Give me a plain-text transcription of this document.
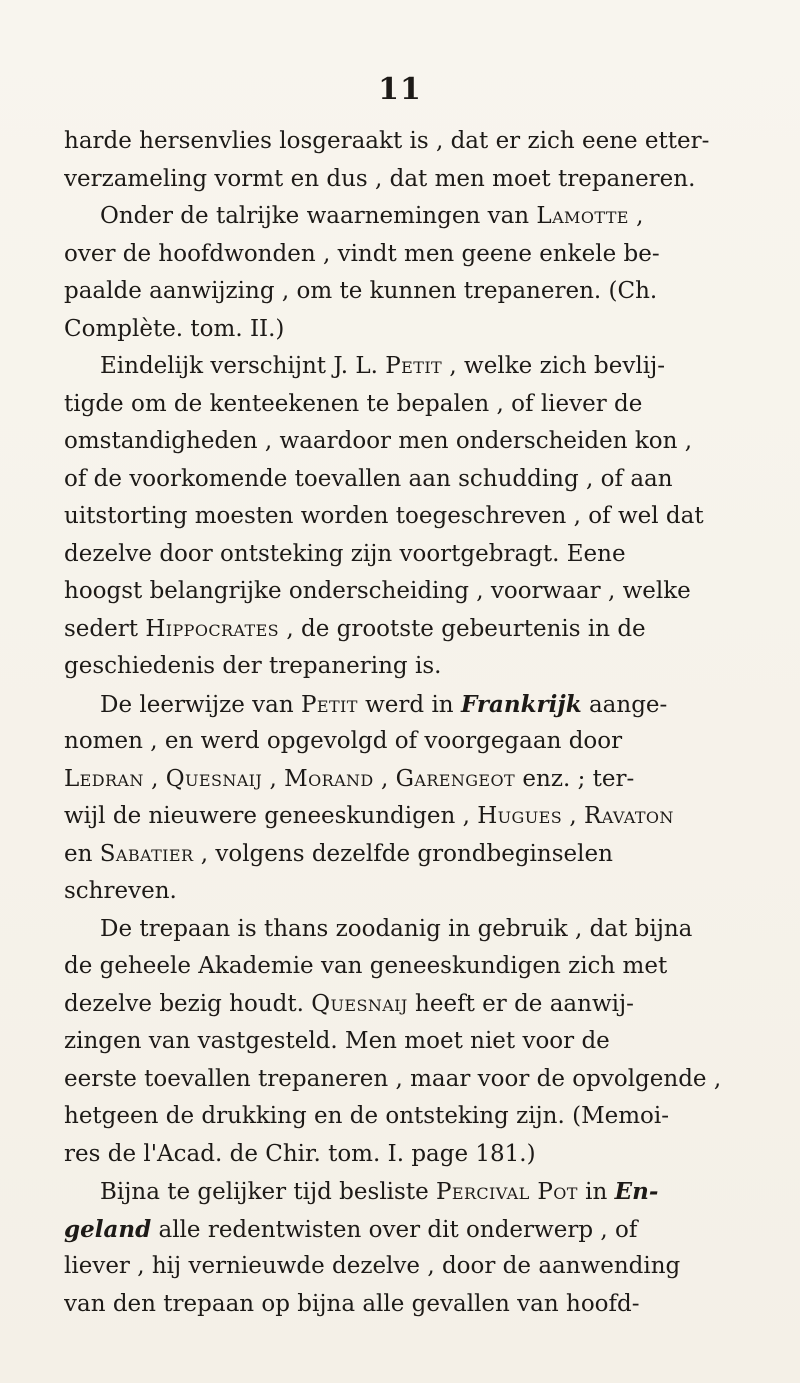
11
harde hersenvlies losgeraakt is , dat er zich eene etter-
verzameling vormt en dus , dat men moet trepaneren.
Onder de talrijke waarnemingen van Lamotte ,
over de hoofdwonden , vindt men geene enkele be-
paalde aanwijzing , om te kunnen trepaneren. (Ch.
Complète. tom. II.)
Eindelijk verschijnt J. L. Petit , welke zich bevlij-
tigde om de kenteekenen te bepalen , of liever de
omstandigheden , waardoor men onderscheiden kon ,
of de voorkomende toevallen aan schudding , of aan
uitstorting moesten worden toegeschreven , of wel dat
dezelve door ontsteking zijn voortgebragt. Eene
hoogst belangrijke onderscheiding , voorwaar , welke
sedert Hippocrates , de grootste gebeurtenis in de
geschiedenis der trepanering is.
De leerwijze van Petit werd in Frankrijk aange-
nomen , en werd opgevolgd of voorgegaan door
Ledran , Quesnaij , Morand , Garengeot enz. ; ter-
wijl de nieuwere geneeskundigen , Hugues , Ravaton
en Sabatier , volgens dezelfde grondbeginselen
schreven.
De trepaan is thans zoodanig in gebruik , dat bijna
de geheele Akademie van geneeskundigen zich met
dezelve bezig houdt. Quesnaij heeft er de aanwij-
zingen van vastgesteld. Men moet niet voor de
eerste toevallen trepaneren , maar voor de opvolgende ,
hetgeen de drukking en de ontsteking zijn. (Memoi-
res de l'Acad. de Chir. tom. I. page 181.)
Bijna te gelijker tijd besliste Percival Pot in En-
geland alle redentwisten over dit onderwerp , of
liever , hij vernieuwde dezelve , door de aanwending
van den trepaan op bijna alle gevallen van hoofd-
